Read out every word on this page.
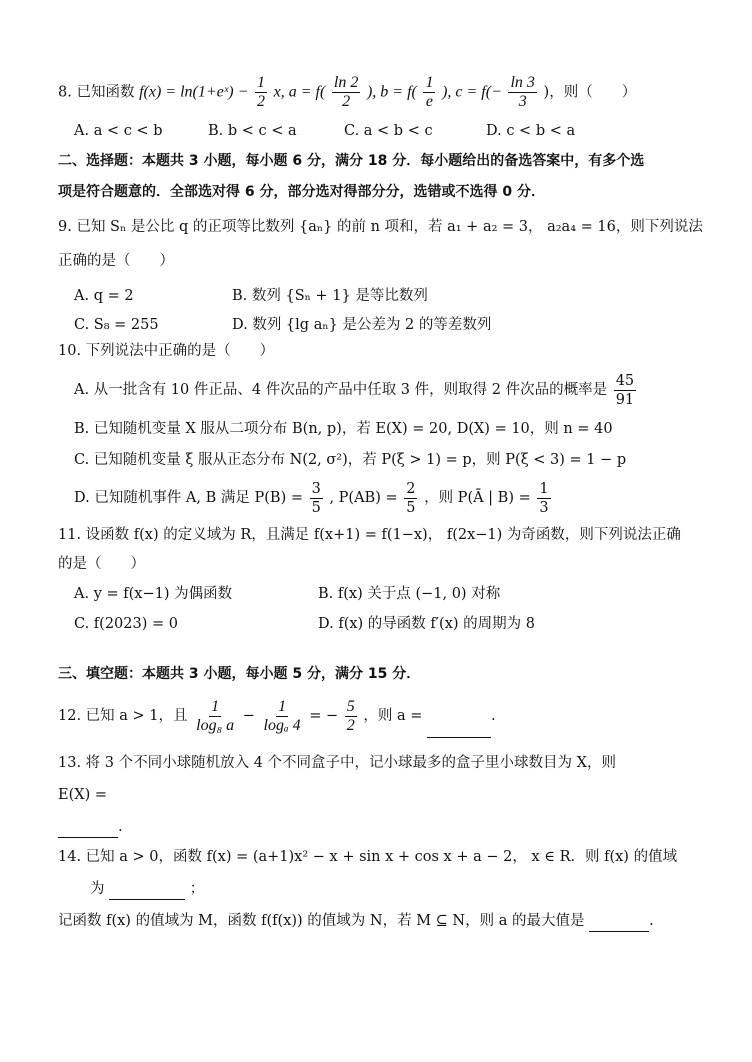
8. 已知函数 f(x) = ln(1+eˣ) − $\frac{1}{2} x$, $a = f( \frac{\ln 2}{2}$ ), $b = f( \frac{1}{e}$ ), $c = f(- \frac{\ln 3}{3}$ )，则（　　）
A. a < c < b	B. b < c < a	C. a < b < c	D. c < b < a
二、选择题：本题共 3 小题，每小题 6 分，满分 18 分．每小题给出的备选答案中，有多个选
项是符合题意的．全部选对得 6 分，部分选对得部分分，选错或不选得 0 分．
9. 已知 Sₙ 是公比 q 的正项等比数列 {aₙ} 的前 n 项和，若 a₁ + a₂ = 3， a₂a₄ = 16，则下列说法
正确的是（　　）
A. q = 2	B. 数列 {Sₙ + 1} 是等比数列
C. S₈ = 255	D. 数列 {lg aₙ} 是公差为 2 的等差数列
10. 下列说法中正确的是（　　）
A. 从一批含有 10 件正品、4 件次品的产品中任取 3 件，则取得 2 件次品的概率是 $\frac{45}{91}$
B. 已知随机变量 X 服从二项分布 B(n, p)，若 E(X) = 20, D(X) = 10，则 n = 40
C. 已知随机变量 ξ 服从正态分布 N(2, σ²)，若 P(ξ > 1) = p，则 P(ξ < 3) = 1 − p
D. 已知随机事件 A, B 满足 $P(B) = \frac{3}{5}$ , $P(AB) = \frac{2}{5}$ ，则 P(Ā | $B) = \frac{1}{3}$
11. 设函数 f(x) 的定义域为 R，且满足 f(x+1) = f(1−x)， f(2x−1) 为奇函数，则下列说法正确
的是（　　）
A. y = f(x−1) 为偶函数	B. f(x) 关于点 (−1, 0) 对称
C. f(2023) = 0	D. f(x) 的导函数 f′(x) 的周期为 8
三、填空题：本题共 3 小题，每小题 5 分，满分 15 分．
12. 已知 a > 1，且 $\frac{1}{\text{log₈ a}} - \frac{1}{\text{logₐ 4}}$ = − $\frac{5}{2}$ ，则 a =	.
13. 将 3 个不同小球随机放入 4 个不同盒子中，记小球最多的盒子里小球数目为 X，则
E(X) =
.
14. 已知 a > 0，函数 f(x) = (a+1)x² − x + sin x + cos x + a − 2， x ∈ R．则 f(x) 的值域
为	；
记函数 f(x) 的值域为 M，函数 f(f(x)) 的值域为 N，若 M ⊆ N，则 a 的最大值是	.
